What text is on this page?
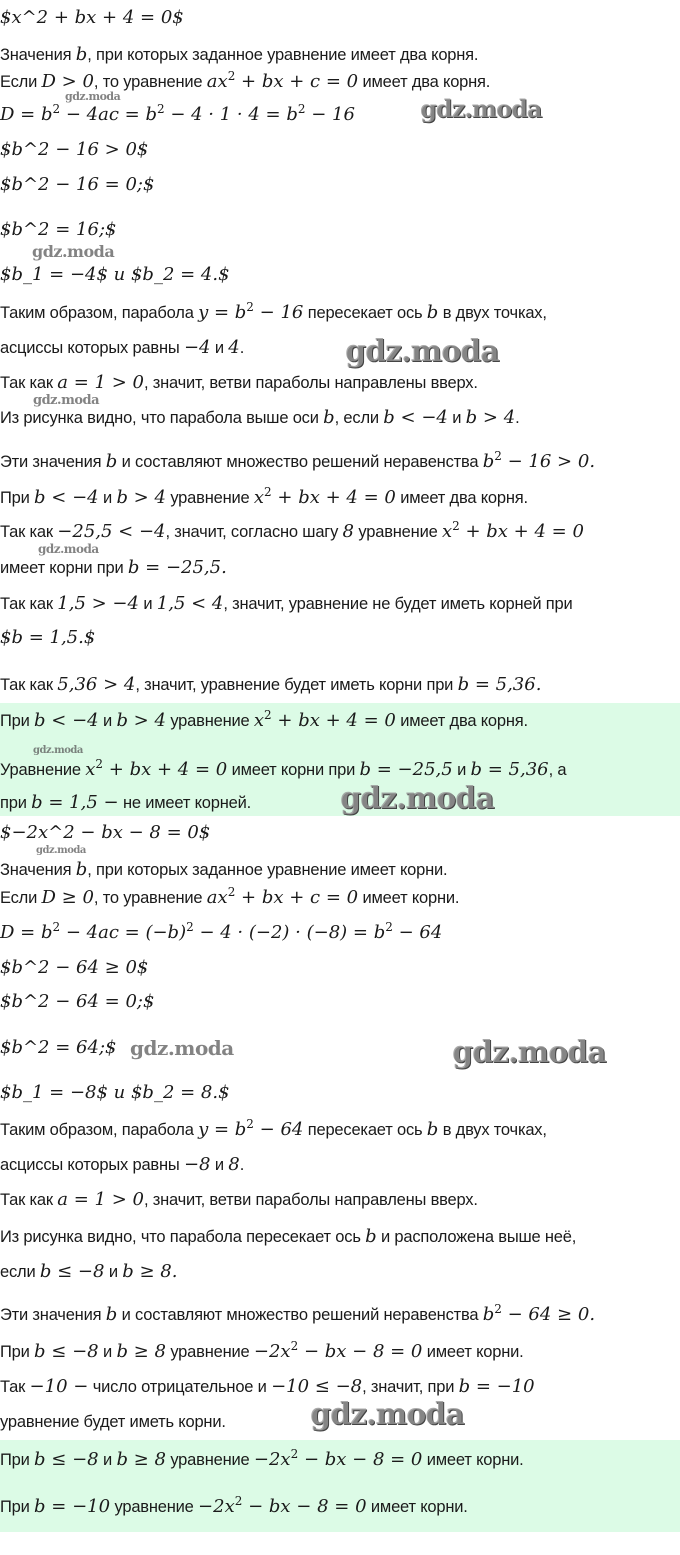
$x^2 + bx + 4 = 0$
Значения b, при которых заданное уравнение имеет два корня.
Если D > 0, то уравнение $ax^2$ + bx + c = 0 имеет два корня.
$D = b^2 - 4ac = b^2 - 4 \cdot 1 \cdot 4 = b^2 - 16$
$b^2 − 16 > 0$
$b^2 − 16 = 0;$
$b^2 = 16;$
$b_1 = −4$ и $b_2 = 4.$
Таким образом, парабола $y = b^2 - 16$ пересекает ось b в двух точках,
асциссы которых равны −4 и 4.
Так как a = 1 > 0, значит, ветви параболы направлены вверх.
Из рисунка видно, что парабола выше оси b, если b < −4 и b > 4.
Эти значения b и составляют множество решений неравенства $b^2 - 16 > 0$.
При b < −4 и b > 4 уравнение $x^2$ + bx + 4 = 0 имеет два корня.
Так как −25,5 < −4, значит, согласно шагу 8 уравнение $x^2$ + bx + 4 = 0
имеет корни при b = −25,5.
Так как 1,5 > −4 и 1,5 < 4, значит, уравнение не будет иметь корней при
$b = 1,5.$
Так как 5,36 > 4, значит, уравнение будет иметь корни при b = 5,36.
При b < −4 и b > 4 уравнение $x^2$ + bx + 4 = 0 имеет два корня.
Уравнение $x^2$ + bx + 4 = 0 имеет корни при b = −25,5 и b = 5,36, а
при b = 1,5 − не имеет корней.
$−2x^2 − bx − 8 = 0$
Значения b, при которых заданное уравнение имеет корни.
Если D ≥ 0, то уравнение $ax^2$ + bx + c = 0 имеет корни.
$D = b^2 - 4ac = (-b)^2 - 4 \cdot (-2) \cdot (-8) = b^2 - 64$
$b^2 − 64 ≥ 0$
$b^2 − 64 = 0;$
$b^2 = 64;$
$b_1 = −8$ и $b_2 = 8.$
Таким образом, парабола $y = b^2 - 64$ пересекает ось b в двух точках,
асциссы которых равны −8 и 8.
Так как a = 1 > 0, значит, ветви параболы направлены вверх.
Из рисунка видно, что парабола пересекает ось b и расположена выше неё,
если b ≤ −8 и b ≥ 8.
Эти значения b и составляют множество решений неравенства $b^2 - 64 \ge 0$.
При b ≤ −8 и b ≥ 8 уравнение $-2x^2$ − bx − 8 = 0 имеет корни.
Так −10 − число отрицательное и −10 ≤ −8, значит, при b = −10
уравнение будет иметь корни.
При b ≤ −8 и b ≥ 8 уравнение $-2x^2$ − bx − 8 = 0 имеет корни.
При b = −10 уравнение $-2x^2$ − bx − 8 = 0 имеет корни.
gdz.moda	gdz.moda
gdz.moda
gdz.moda
gdz.moda
gdz.moda
gdz.moda
gdz.moda
gdz.moda
gdz.moda	gdz.moda
gdz.moda
